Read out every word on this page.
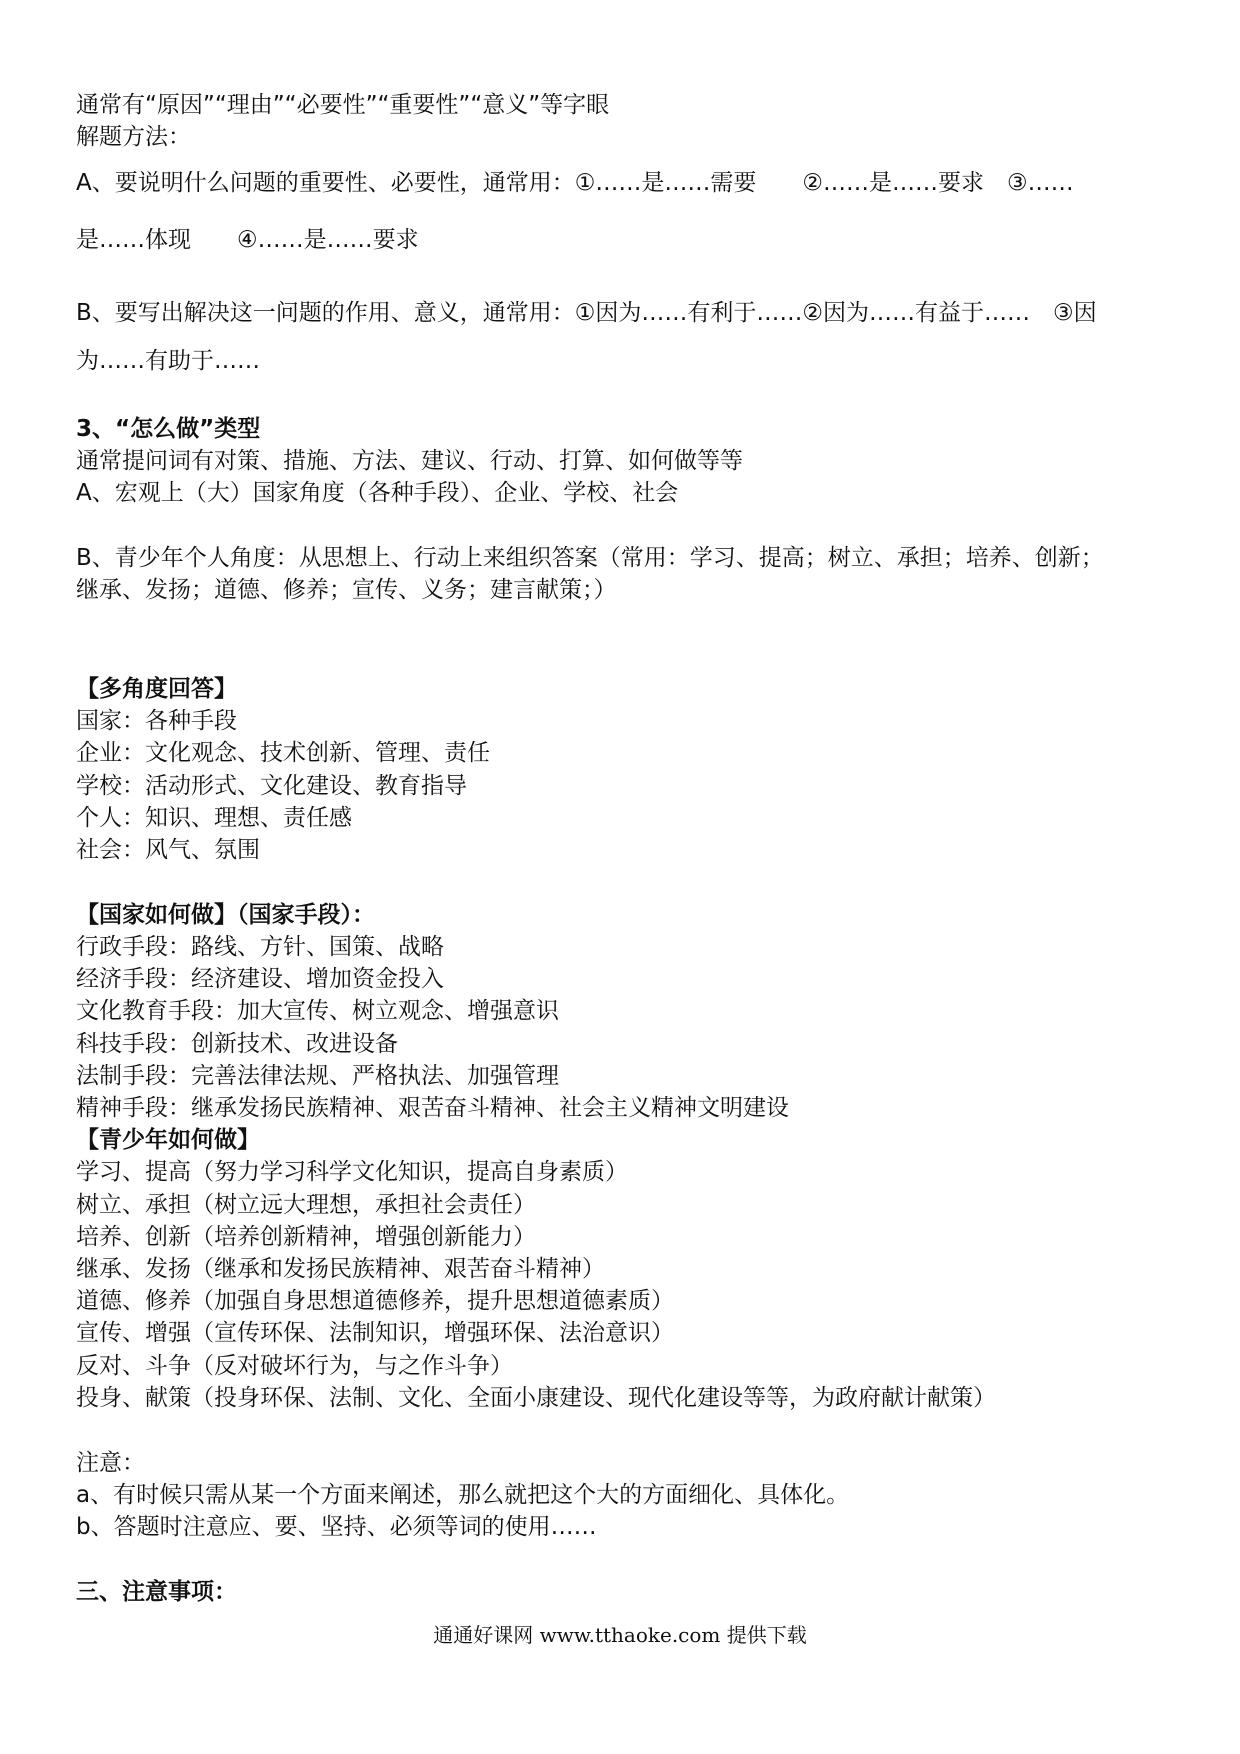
通常有“原因”“理由”“必要性”“重要性”“意义”等字眼
解题方法：
A、要说明什么问题的重要性、必要性，通常用：①……是……需要　　②……是……要求　③……
是……体现　　④……是……要求
B、要写出解决这一问题的作用、意义，通常用：①因为……有利于……②因为……有益于……　③因
为……有助于……
3、“怎么做”类型
通常提问词有对策、措施、方法、建议、行动、打算、如何做等等
A、宏观上（大）国家角度（各种手段）、企业、学校、社会
B、青少年个人角度：从思想上、行动上来组织答案（常用：学习、提高；树立、承担；培养、创新；
继承、发扬；道德、修养；宣传、义务；建言献策；）
【多角度回答】
国家：各种手段
企业：文化观念、技术创新、管理、责任
学校：活动形式、文化建设、教育指导
个人：知识、理想、责任感
社会：风气、氛围
【国家如何做】（国家手段）：
行政手段：路线、方针、国策、战略
经济手段：经济建设、增加资金投入
文化教育手段：加大宣传、树立观念、增强意识
科技手段：创新技术、改进设备
法制手段：完善法律法规、严格执法、加强管理
精神手段：继承发扬民族精神、艰苦奋斗精神、社会主义精神文明建设
【青少年如何做】
学习、提高（努力学习科学文化知识，提高自身素质）
树立、承担（树立远大理想，承担社会责任）
培养、创新（培养创新精神，增强创新能力）
继承、发扬（继承和发扬民族精神、艰苦奋斗精神）
道德、修养（加强自身思想道德修养，提升思想道德素质）
宣传、增强（宣传环保、法制知识，增强环保、法治意识）
反对、斗争（反对破坏行为，与之作斗争）
投身、献策（投身环保、法制、文化、全面小康建设、现代化建设等等，为政府献计献策）
注意：
a、有时候只需从某一个方面来阐述，那么就把这个大的方面细化、具体化。
b、答题时注意应、要、坚持、必须等词的使用……
三、注意事项：
通通好课网 www.tthaoke.com 提供下载
